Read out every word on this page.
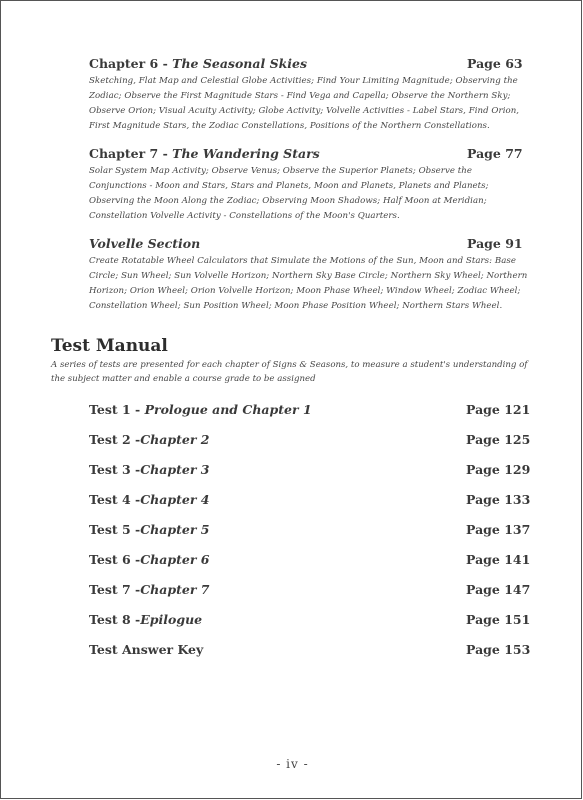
Chapter 6 - The Seasonal Skies	Page 63
Sketching, Flat Map and Celestial Globe Activities; Find Your Limiting Magnitude; Observing the Zodiac; Observe the First Magnitude Stars - Find Vega and Capella; Observe the Northern Sky; Observe Orion; Visual Acuity Activity; Globe Activity; Volvelle Activities - Label Stars, Find Orion, First Magnitude Stars, the Zodiac Constellations, Positions of the Northern Constellations.
Chapter 7 - The Wandering Stars	Page 77
Solar System Map Activity; Observe Venus; Observe the Superior Planets; Observe the Conjunctions - Moon and Stars, Stars and Planets, Moon and Planets, Planets and Planets; Observing the Moon Along the Zodiac; Observing Moon Shadows; Half Moon at Meridian; Constellation Volvelle Activity - Constellations of the Moon's Quarters.
Volvelle Section	Page 91
Create Rotatable Wheel Calculators that Simulate the Motions of the Sun, Moon and Stars: Base Circle; Sun Wheel; Sun Volvelle Horizon; Northern Sky Base Circle; Northern Sky Wheel; Northern Horizon; Orion Wheel; Orion Volvelle Horizon; Moon Phase Wheel; Window Wheel; Zodiac Wheel; Constellation Wheel; Sun Position Wheel; Moon Phase Position Wheel; Northern Stars Wheel.
Test Manual
A series of tests are presented for each chapter of Signs & Seasons, to measure a student's understanding of the subject matter and enable a course grade to be assigned
Test 1 - Prologue and Chapter 1	Page 121
Test 2 -Chapter 2	Page 125
Test 3 -Chapter 3	Page 129
Test 4 -Chapter 4	Page 133
Test 5 -Chapter 5	Page 137
Test 6 -Chapter 6	Page 141
Test 7 -Chapter 7	Page 147
Test 8 -Epilogue	Page 151
Test Answer Key	Page 153
- iv -
